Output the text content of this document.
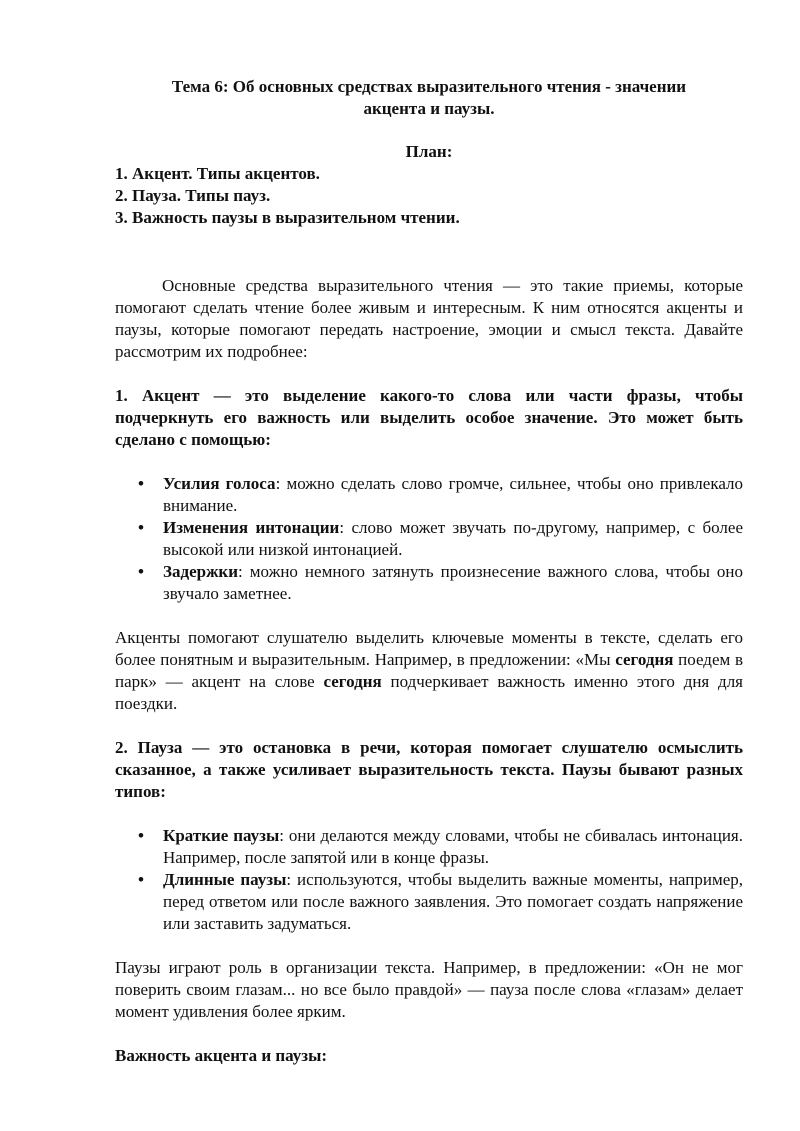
Тема 6: Об основных средствах выразительного чтения - значении
акцента и паузы.

План:

1. Акцент. Типы акцентов.

2. Пауза. Типы пауз.

3. Важность паузы в выразительном чтении.

Основные средства выразительного чтения — это такие приемы, которые помогают сделать чтение более живым и интересным. К ним относятся акценты и паузы, которые помогают передать настроение, эмоции и смысл текста. Давайте рассмотрим их подробнее:

1. Акцент — это выделение какого-то слова или части фразы, чтобы подчеркнуть его важность или выделить особое значение. Это может быть сделано с помощью:

• Усилия голоса: можно сделать слово громче, сильнее, чтобы оно привлекало внимание.
• Изменения интонации: слово может звучать по-другому, например, с более высокой или низкой интонацией.
• Задержки: можно немного затянуть произнесение важного слова, чтобы оно звучало заметнее.

Акценты помогают слушателю выделить ключевые моменты в тексте, сделать его более понятным и выразительным. Например, в предложении: «Мы сегодня поедем в парк» — акцент на слове сегодня подчеркивает важность именно этого дня для поездки.

2. Пауза — это остановка в речи, которая помогает слушателю осмыслить сказанное, а также усиливает выразительность текста. Паузы бывают разных типов:

• Краткие паузы: они делаются между словами, чтобы не сбивалась интонация. Например, после запятой или в конце фразы.
• Длинные паузы: используются, чтобы выделить важные моменты, например, перед ответом или после важного заявления. Это помогает создать напряжение или заставить задуматься.

Паузы играют роль в организации текста. Например, в предложении: «Он не мог поверить своим глазам... но все было правдой» — пауза после слова «глазам» делает момент удивления более ярким.

Важность акцента и паузы:
